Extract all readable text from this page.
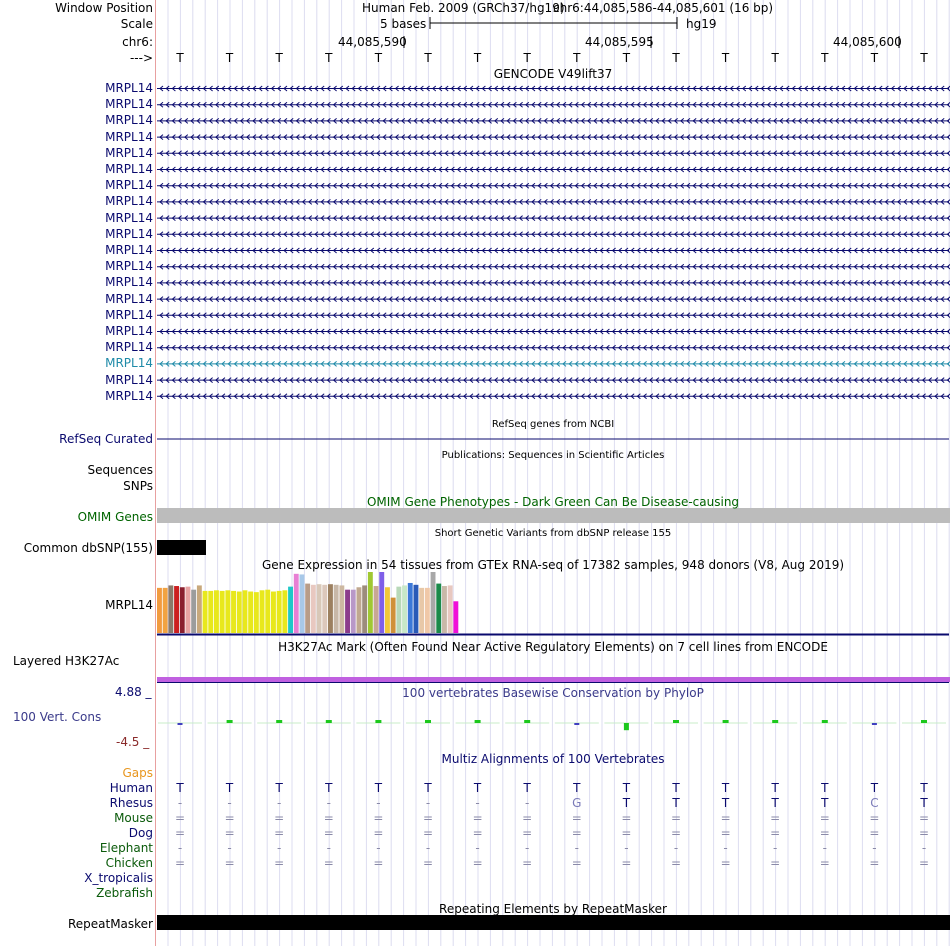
Window Position	Human Feb. 2009 (GRCh37/hg19)
chr6:44,085,586-44,085,601 (16 bp)
Scale	5 bases	hg19
chr6:	44,085,590	44,085,595	44,085,600
--->	T	T	T	T	T	T	T	T	T	T	T	T	T	T	T	T
GENCODE V49lift37
MRPL14
MRPL14
MRPL14
MRPL14
MRPL14
MRPL14
MRPL14
MRPL14
MRPL14
MRPL14
MRPL14
MRPL14
MRPL14
MRPL14
MRPL14
MRPL14
MRPL14
MRPL14
MRPL14
MRPL14
RefSeq genes from NCBI
RefSeq Curated
Publications: Sequences in Scientific Articles
Sequences
SNPs
OMIM Gene Phenotypes - Dark Green Can Be Disease-causing
OMIM Genes
Short Genetic Variants from dbSNP release 155
Common dbSNP(155)
Gene Expression in 54 tissues from GTEx RNA-seq of 17382 samples, 948 donors (V8, Aug 2019)
MRPL14
H3K27Ac Mark (Often Found Near Active Regulatory Elements) on 7 cell lines from ENCODE
Layered H3K27Ac
4.88 _	100 vertebrates Basewise Conservation by PhyloP
100 Vert. Cons
-4.5 _
Multiz Alignments of 100 Vertebrates
Gaps
Human	T	T	T	T	T	T	T	T	T	T	T	T	T	T	T	T
Rhesus	-	-	-	-	-	-	-	-	G	T	T	T	T	T	C	T
Mouse	=	=	=	=	=	=	=	=	=	=	=	=	=	=	=	=
Dog	=	=	=	=	=	=	=	=	=	=	=	=	=	=	=	=
Elephant	-	-	-	-	-	-	-	-	-	-	-	-	-	-	-	-
Chicken	=	=	=	=	=	=	=	=	=	=	=	=	=	=	=	=
X_tropicalis
Zebrafish
Repeating Elements by RepeatMasker
RepeatMasker
